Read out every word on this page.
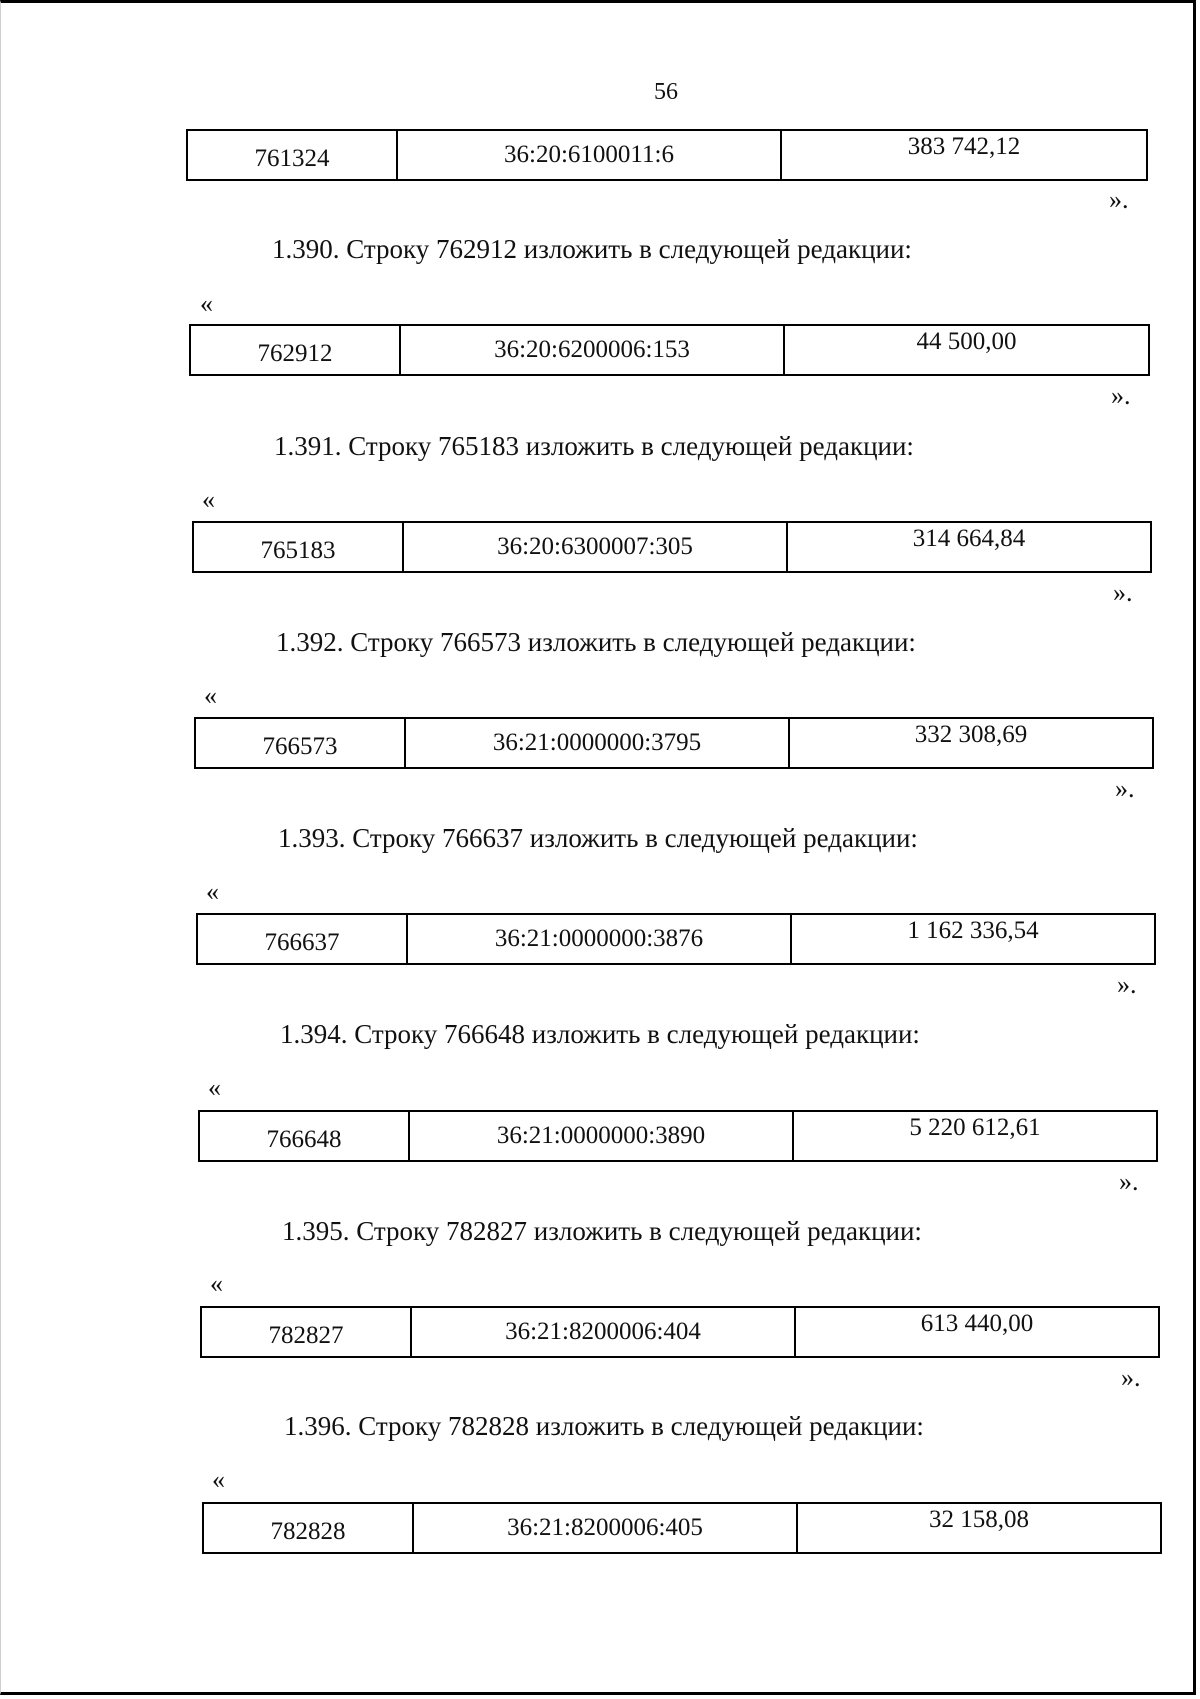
56
761324	36:20:6100011:6	383 742,12
».
1.390. Строку 762912 изложить в следующей редакции:
«
762912	36:20:6200006:153	44 500,00
».
1.391. Строку 765183 изложить в следующей редакции:
«
765183	36:20:6300007:305	314 664,84
».
1.392. Строку 766573 изложить в следующей редакции:
«
766573	36:21:0000000:3795	332 308,69
».
1.393. Строку 766637 изложить в следующей редакции:
«
766637	36:21:0000000:3876	1 162 336,54
».
1.394. Строку 766648 изложить в следующей редакции:
«
766648	36:21:0000000:3890	5 220 612,61
».
1.395. Строку 782827 изложить в следующей редакции:
«
782827	36:21:8200006:404	613 440,00
».
1.396. Строку 782828 изложить в следующей редакции:
«
782828	36:21:8200006:405	32 158,08
